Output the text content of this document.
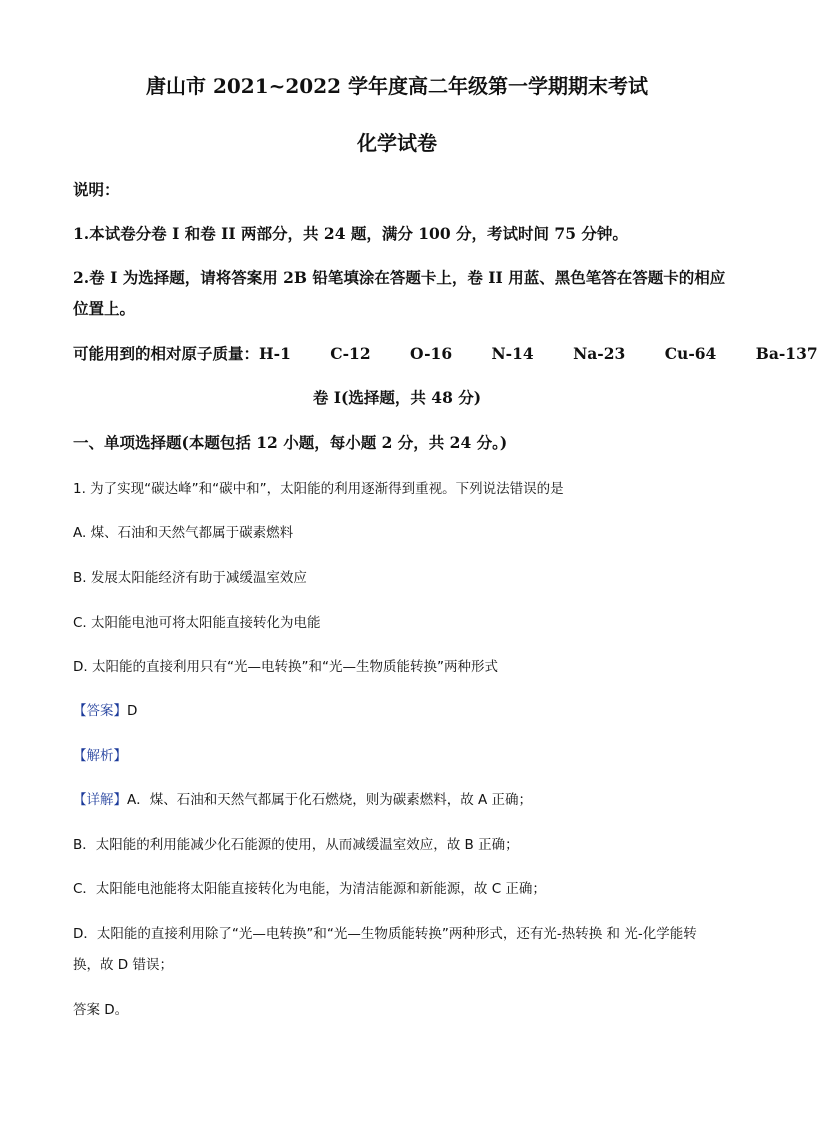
唐山市 2021~2022 学年度高二年级第一学期期末考试
化学试卷
说明：
1.本试卷分卷 I 和卷 II 两部分，共 24 题，满分 100 分，考试时间 75 分钟。
2.卷 I 为选择题，请将答案用 2B 铅笔填涂在答题卡上，卷 II 用蓝、黑色笔答在答题卡的相应
位置上。
可能用到的相对原子质量：H-1	C-12	O-16	N-14	Na-23	Cu-64	Ba-137
卷 I(选择题，共 48 分)
一、单项选择题(本题包括 12 小题，每小题 2 分，共 24 分。)
1. 为了实现“碳达峰”和“碳中和”，太阳能的利用逐渐得到重视。下列说法错误的是
A. 煤、石油和天然气都属于碳素燃料
B. 发展太阳能经济有助于减缓温室效应
C. 太阳能电池可将太阳能直接转化为电能
D. 太阳能的直接利用只有“光—电转换”和“光—生物质能转换”两种形式
【答案】D
【解析】
【详解】A．煤、石油和天然气都属于化石燃烧，则为碳素燃料，故 A 正确；
B．太阳能的利用能减少化石能源的使用，从而减缓温室效应，故 B 正确；
C．太阳能电池能将太阳能直接转化为电能，为清洁能源和新能源，故 C 正确；
D．太阳能的直接利用除了“光—电转换”和“光—生物质能转换”两种形式，还有光-热转换 和 光-化学能转
换，故 D 错误；
答案 D。
